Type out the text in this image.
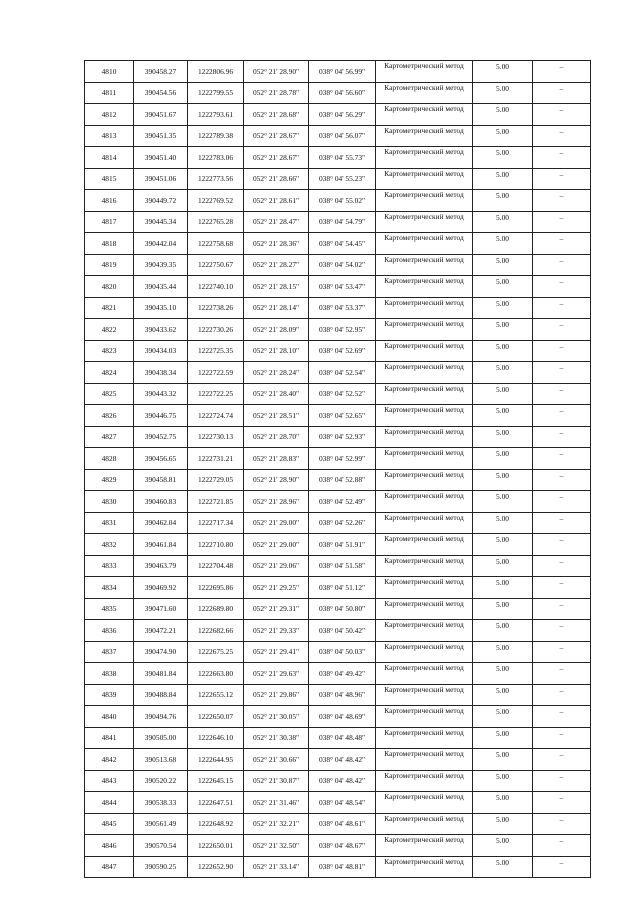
4810	390458.27	1222806.96	052° 21' 28.90"	038° 04' 56.99"	Картометрический метод	5.00	–
4811	390454.56	1222799.55	052° 21' 28.78"	038° 04' 56.60"	Картометрический метод	5.00	–
4812	390451.67	1222793.61	052° 21' 28.68"	038° 04' 56.29"	Картометрический метод	5.00	–
4813	390451.35	1222789.38	052° 21' 28.67"	038° 04' 56.07"	Картометрический метод	5.00	–
4814	390451.40	1222783.06	052° 21' 28.67"	038° 04' 55.73"	Картометрический метод	5.00	–
4815	390451.06	1222773.56	052° 21' 28.66"	038° 04' 55.23"	Картометрический метод	5.00	–
4816	390449.72	1222769.52	052° 21' 28.61"	038° 04' 55.02"	Картометрический метод	5.00	–
4817	390445.34	1222765.28	052° 21' 28.47"	038° 04' 54.79"	Картометрический метод	5.00	–
4818	390442.04	1222758.68	052° 21' 28.36"	038° 04' 54.45"	Картометрический метод	5.00	–
4819	390439.35	1222750.67	052° 21' 28.27"	038° 04' 54.02"	Картометрический метод	5.00	–
4820	390435.44	1222740.10	052° 21' 28.15"	038° 04' 53.47"	Картометрический метод	5.00	–
4821	390435.10	1222738.26	052° 21' 28.14"	038° 04' 53.37"	Картометрический метод	5.00	–
4822	390433.62	1222730.26	052° 21' 28.09"	038° 04' 52.95"	Картометрический метод	5.00	–
4823	390434.03	1222725.35	052° 21' 28.10"	038° 04' 52.69"	Картометрический метод	5.00	–
4824	390438.34	1222722.59	052° 21' 28.24"	038° 04' 52.54"	Картометрический метод	5.00	–
4825	390443.32	1222722.25	052° 21' 28.40"	038° 04' 52.52"	Картометрический метод	5.00	–
4826	390446.75	1222724.74	052° 21' 28.51"	038° 04' 52.65"	Картометрический метод	5.00	–
4827	390452.75	1222730.13	052° 21' 28.70"	038° 04' 52.93"	Картометрический метод	5.00	–
4828	390456.65	1222731.21	052° 21' 28.83"	038° 04' 52.99"	Картометрический метод	5.00	–
4829	390458.81	1222729.05	052° 21' 28.90"	038° 04' 52.88"	Картометрический метод	5.00	–
4830	390460.83	1222721.85	052° 21' 28.96"	038° 04' 52.49"	Картометрический метод	5.00	–
4831	390462.04	1222717.34	052° 21' 29.00"	038° 04' 52.26"	Картометрический метод	5.00	–
4832	390461.84	1222710.80	052° 21' 29.00"	038° 04' 51.91"	Картометрический метод	5.00	–
4833	390463.79	1222704.48	052° 21' 29.06"	038° 04' 51.58"	Картометрический метод	5.00	–
4834	390469.92	1222695.86	052° 21' 29.25"	038° 04' 51.12"	Картометрический метод	5.00	–
4835	390471.60	1222689.80	052° 21' 29.31"	038° 04' 50.80"	Картометрический метод	5.00	–
4836	390472.21	1222682.66	052° 21' 29.33"	038° 04' 50.42"	Картометрический метод	5.00	–
4837	390474.90	1222675.25	052° 21' 29.41"	038° 04' 50.03"	Картометрический метод	5.00	–
4838	390481.84	1222663.80	052° 21' 29.63"	038° 04' 49.42"	Картометрический метод	5.00	–
4839	390488.84	1222655.12	052° 21' 29.86"	038° 04' 48.96"	Картометрический метод	5.00	–
4840	390494.76	1222650.07	052° 21' 30.05"	038° 04' 48.69"	Картометрический метод	5.00	–
4841	390505.00	1222646.10	052° 21' 30.38"	038° 04' 48.48"	Картометрический метод	5.00	–
4842	390513.68	1222644.95	052° 21' 30.66"	038° 04' 48.42"	Картометрический метод	5.00	–
4843	390520.22	1222645.15	052° 21' 30.87"	038° 04' 48.42"	Картометрический метод	5.00	–
4844	390538.33	1222647.51	052° 21' 31.46"	038° 04' 48.54"	Картометрический метод	5.00	–
4845	390561.49	1222648.92	052° 21' 32.21"	038° 04' 48.61"	Картометрический метод	5.00	–
4846	390570.54	1222650.01	052° 21' 32.50"	038° 04' 48.67"	Картометрический метод	5.00	–
4847	390590.25	1222652.90	052° 21' 33.14"	038° 04' 48.81"	Картометрический метод	5.00	–
